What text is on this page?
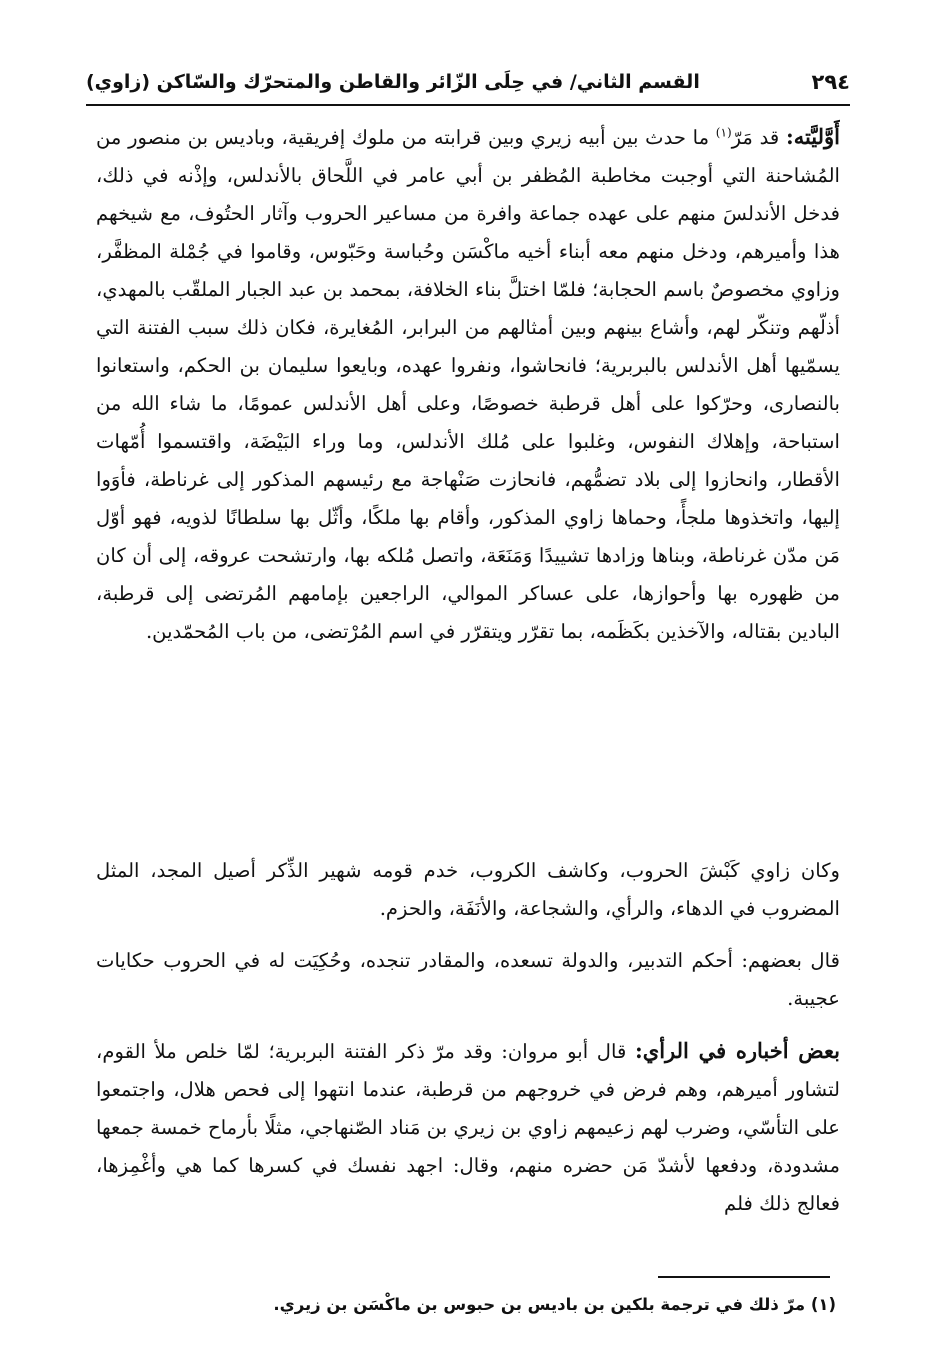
٢٩٤
القسم الثاني/ في حِلَى الزّائر والقاطن والمتحرّك والسّاكن (زاوي)

أَوَّليَّته: قد مَرّ$^{(١)}$ ما حدث بين أبيه زيري وبين قرابته من ملوك إفريقية، وباديس بن منصور من المُشاحنة التي أوجبت مخاطبة المُظفر بن أبي عامر في اللَّحاق بالأندلس، وإذْنه في ذلك، فدخل الأندلسَ منهم على عهده جماعة وافرة من مساعير الحروب وآثار الحتُوف، مع شيخهم هذا وأميرهم، ودخل منهم معه أبناء أخيه ماكْسَن وحُباسة وحَبّوس، وقاموا في جُمْلة المظفَّر، وزاوي مخصوصٌ باسم الحجابة؛ فلمّا اختلَّ بناء الخلافة، بمحمد بن عبد الجبار الملقّب بالمهدي، أذلّهم وتنكّر لهم، وأشاع بينهم وبين أمثالهم من البرابر، المُغايرة، فكان ذلك سبب الفتنة التي يسمّيها أهل الأندلس بالبربرية؛ فانحاشوا، ونفروا عهده، وبايعوا سليمان بن الحكم، واستعانوا بالنصارى، وحرّكوا على أهل قرطبة خصوصًا، وعلى أهل الأندلس عمومًا، ما شاء الله من استباحة، وإهلاك النفوس، وغلبوا على مُلك الأندلس، وما وراء البَيْضَة، واقتسموا أُمّهات الأقطار، وانحازوا إلى بلاد تضمُّهم، فانحازت صَنْهاجة مع رئيسهم المذكور إلى غرناطة، فأوَوا إليها، واتخذوها ملجأً، وحماها زاوي المذكور، وأقام بها ملكًا، وأثّل بها سلطانًا لذويه، فهو أوّل مَن مدّن غرناطة، وبناها وزادها تشييدًا وَمَنَعَة، واتصل مُلكه بها، وارتشحت عروقه، إلى أن كان من ظهوره بها وأحوازها، على عساكر الموالي، الراجعين بإمامهم المُرتضى إلى قرطبة، البادين بقتاله، والآخذين بكَظَمه، بما تقرّر ويتقرّر في اسم المُرْتضى، من باب المُحمّدين.

وكان زاوي كَبْشَ الحروب، وكاشف الكروب، خدم قومه شهير الذِّكر أصيل المجد، المثل المضروب في الدهاء، والرأي، والشجاعة، والأنَفَة، والحزم.

قال بعضهم: أحكم التدبير، والدولة تسعده، والمقادر تنجده، وحُكِيَت له في الحروب حكايات عجيبة.

بعض أخباره في الرأي: قال أبو مروان: وقد مرّ ذكر الفتنة البربرية؛ لمّا خلص ملأ القوم، لتشاور أميرهم، وهم فرض في خروجهم من قرطبة، عندما انتهوا إلى فحص هلال، واجتمعوا على التأسّي، وضرب لهم زعيمهم زاوي بن زيري بن مَناد الصّنهاجي، مثلًا بأرماح خمسة جمعها مشدودة، ودفعها لأشدّ مَن حضره منهم، وقال: اجهد نفسك في كسرها كما هي وأغْمِزها، فعالج ذلك فلم

(١) مرّ ذلك في ترجمة بلكين بن باديس بن حبوس بن ماكْسَن بن زيري.
